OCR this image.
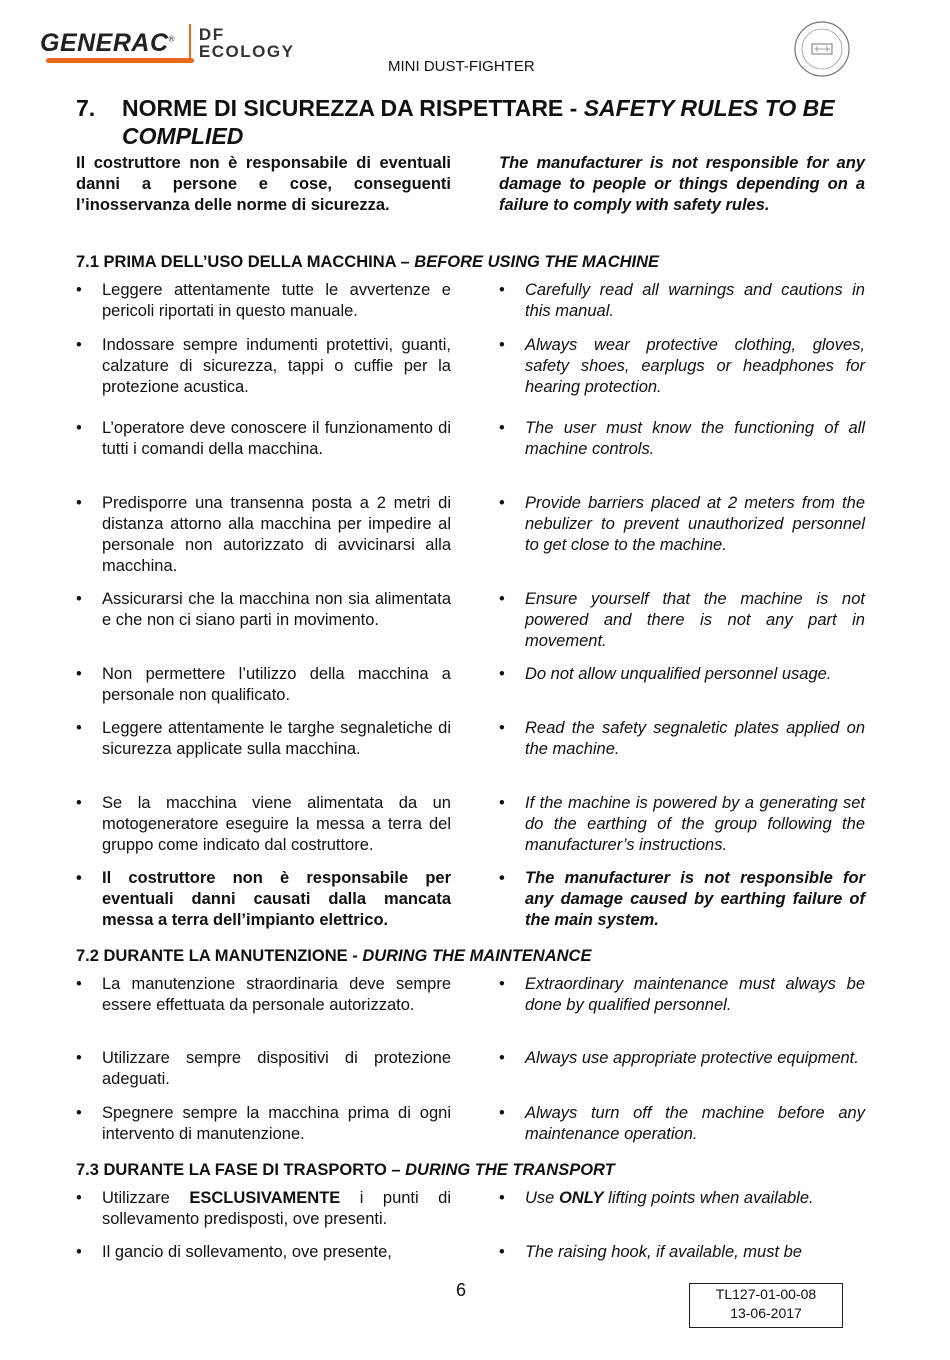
GENERAC® DF
ECOLOGY
MINI DUST-FIGHTER
7. NORME DI SICUREZZA DA RISPETTARE - SAFETY RULES TO BE COMPLIED
Il costruttore non è responsabile di eventuali danni a persone e cose, conseguenti l’inosservanza delle norme di sicurezza.
The manufacturer is not responsible for any damage to people or things depending on a failure to comply with safety rules.
7.1 PRIMA DELL’USO DELLA MACCHINA – BEFORE USING THE MACHINE
• Leggere attentamente tutte le avvertenze e pericoli riportati in questo manuale.
• Carefully read all warnings and cautions in this manual.
• Indossare sempre indumenti protettivi, guanti, calzature di sicurezza, tappi o cuffie per la protezione acustica.
• Always wear protective clothing, gloves, safety shoes, earplugs or headphones for hearing protection.
• L’operatore deve conoscere il funzionamento di tutti i comandi della macchina.
• The user must know the functioning of all machine controls.
• Predisporre una transenna posta a 2 metri di distanza attorno alla macchina per impedire al personale non autorizzato di avvicinarsi alla macchina.
• Provide barriers placed at 2 meters from the nebulizer to prevent unauthorized personnel to get close to the machine.
• Assicurarsi che la macchina non sia alimentata e che non ci siano parti in movimento.
• Ensure yourself that the machine is not powered and there is not any part in movement.
• Non permettere l’utilizzo della macchina a personale non qualificato.
• Do not allow unqualified personnel usage.
• Leggere attentamente le targhe segnaletiche di sicurezza applicate sulla macchina.
• Read the safety segnaletic plates applied on the machine.
• Se la macchina viene alimentata da un motogeneratore eseguire la messa a terra del gruppo come indicato dal costruttore.
• If the machine is powered by a generating set do the earthing of the group following the manufacturer’s instructions.
• Il costruttore non è responsabile per eventuali danni causati dalla mancata messa a terra dell’impianto elettrico.
• The manufacturer is not responsible for any damage caused by earthing failure of the main system.
7.2 DURANTE LA MANUTENZIONE - DURING THE MAINTENANCE
• La manutenzione straordinaria deve sempre essere effettuata da personale autorizzato.
• Extraordinary maintenance must always be done by qualified personnel.
• Utilizzare sempre dispositivi di protezione adeguati.
• Always use appropriate protective equipment.
• Spegnere sempre la macchina prima di ogni intervento di manutenzione.
• Always turn off the machine before any maintenance operation.
7.3 DURANTE LA FASE DI TRASPORTO – DURING THE TRANSPORT
• Utilizzare ESCLUSIVAMENTE i punti di sollevamento predisposti, ove presenti.
• Use ONLY lifting points when available.
• Il gancio di sollevamento, ove presente,	• The raising hook, if available, must be
6	TL127-01-00-08
13-06-2017
